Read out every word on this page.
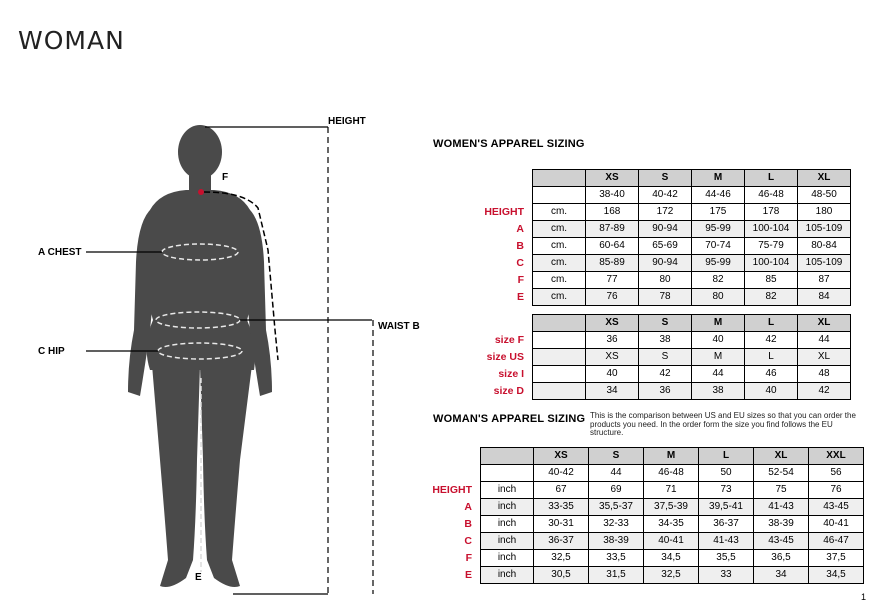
WOMAN
HEIGHT
F
A CHEST
WAIST B
C HIP
E
WOMEN'S APPAREL SIZING
		XS	S	M	L	XL
		38-40	40-42	44-46	46-48	48-50
HEIGHT	cm.	168	172	175	178	180
A	cm.	87-89	90-94	95-99	100-104	105-109
B	cm.	60-64	65-69	70-74	75-79	80-84
C	cm.	85-89	90-94	95-99	100-104	105-109
F	cm.	77	80	82	85	87
E	cm.	76	78	80	82	84
		XS	S	M	L	XL
size F		36	38	40	42	44
size US		XS	S	M	L	XL
size I		40	42	44	46	48
size D		34	36	38	40	42
WOMAN'S APPAREL SIZING This is the comparison between US and EU sizes so that you can order the products you need. In the order form the size you find follows the EU structure.
		XS	S	M	L	XL	XXL
		40-42	44	46-48	50	52-54	56
HEIGHT	inch	67	69	71	73	75	76
A	inch	33-35	35,5-37	37,5-39	39,5-41	41-43	43-45
B	inch	30-31	32-33	34-35	36-37	38-39	40-41
C	inch	36-37	38-39	40-41	41-43	43-45	46-47
F	inch	32,5	33,5	34,5	35,5	36,5	37,5
E	inch	30,5	31,5	32,5	33	34	34,5
1
